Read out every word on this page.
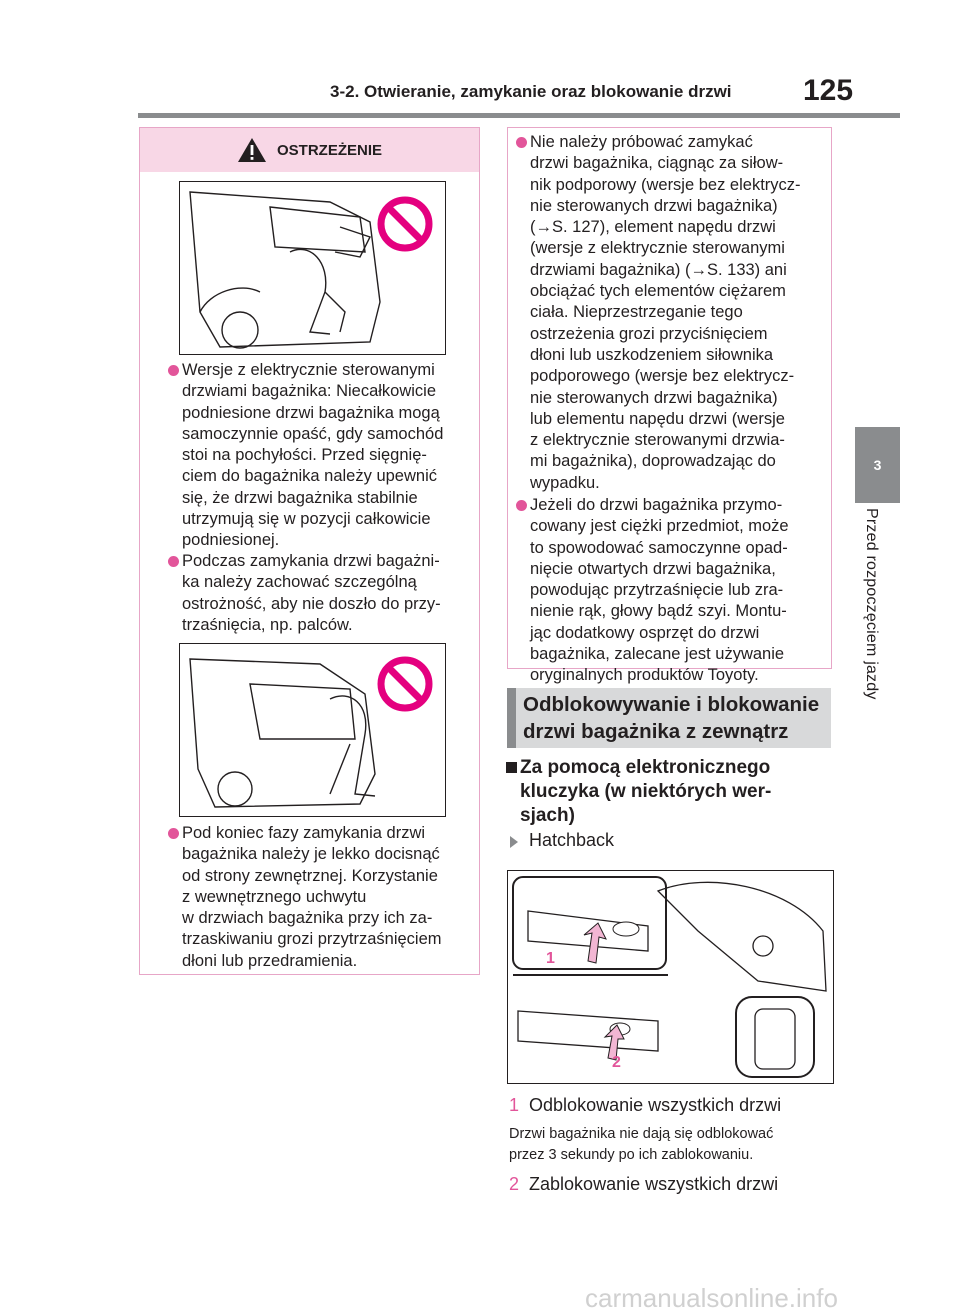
3-2. Otwieranie, zamykanie oraz blokowanie drzwi 125
3
Przed rozpoczęciem jazdy
OSTRZEŻENIE
Wersje z elektrycznie sterowanymi
drzwiami bagażnika: Niecałkowicie
podniesione drzwi bagażnika mogą
samoczynnie opaść, gdy samochód
stoi na pochyłości. Przed sięgnię-
ciem do bagażnika należy upewnić
się, że drzwi bagażnika stabilnie
utrzymują się w pozycji całkowicie
podniesionej.
Podczas zamykania drzwi bagażni-
ka należy zachować szczególną
ostrożność, aby nie doszło do przy-
trzaśnięcia, np. palców.
Pod koniec fazy zamykania drzwi
bagażnika należy je lekko docisnąć
od strony zewnętrznej. Korzystanie
z wewnętrznego uchwytu
w drzwiach bagażnika przy ich za-
trzaskiwaniu grozi przytrzaśnięciem
dłoni lub przedramienia.
Nie należy próbować zamykać
drzwi bagażnika, ciągnąc za siłow-
nik podporowy (wersje bez elektrycz-
nie sterowanych drzwi bagażnika)
(→S. 127), element napędu drzwi
(wersje z elektrycznie sterowanymi
drzwiami bagażnika) (→S. 133) ani
obciążać tych elementów ciężarem
ciała. Nieprzestrzeganie tego
ostrzeżenia grozi przyciśnięciem
dłoni lub uszkodzeniem siłownika
podporowego (wersje bez elektrycz-
nie sterowanych drzwi bagażnika)
lub elementu napędu drzwi (wersje
z elektrycznie sterowanymi drzwia-
mi bagażnika), doprowadzając do
wypadku.
Jeżeli do drzwi bagażnika przymo-
cowany jest ciężki przedmiot, może
to spowodować samoczynne opad-
nięcie otwartych drzwi bagażnika,
powodując przytrzaśnięcie lub zra-
nienie rąk, głowy bądź szyi. Montu-
jąc dodatkowy osprzęt do drzwi
bagażnika, zalecane jest używanie
oryginalnych produktów Toyoty.
Odblokowywanie i blokowanie
drzwi bagażnika z zewnątrz
Za pomocą elektronicznego
kluczyka (w niektórych wer-
sjach)
Hatchback
1
2
1 Odblokowanie wszystkich drzwi
Drzwi bagażnika nie dają się odblokować
przez 3 sekundy po ich zablokowaniu.
2 Zablokowanie wszystkich drzwi
carmanualsonline.info
